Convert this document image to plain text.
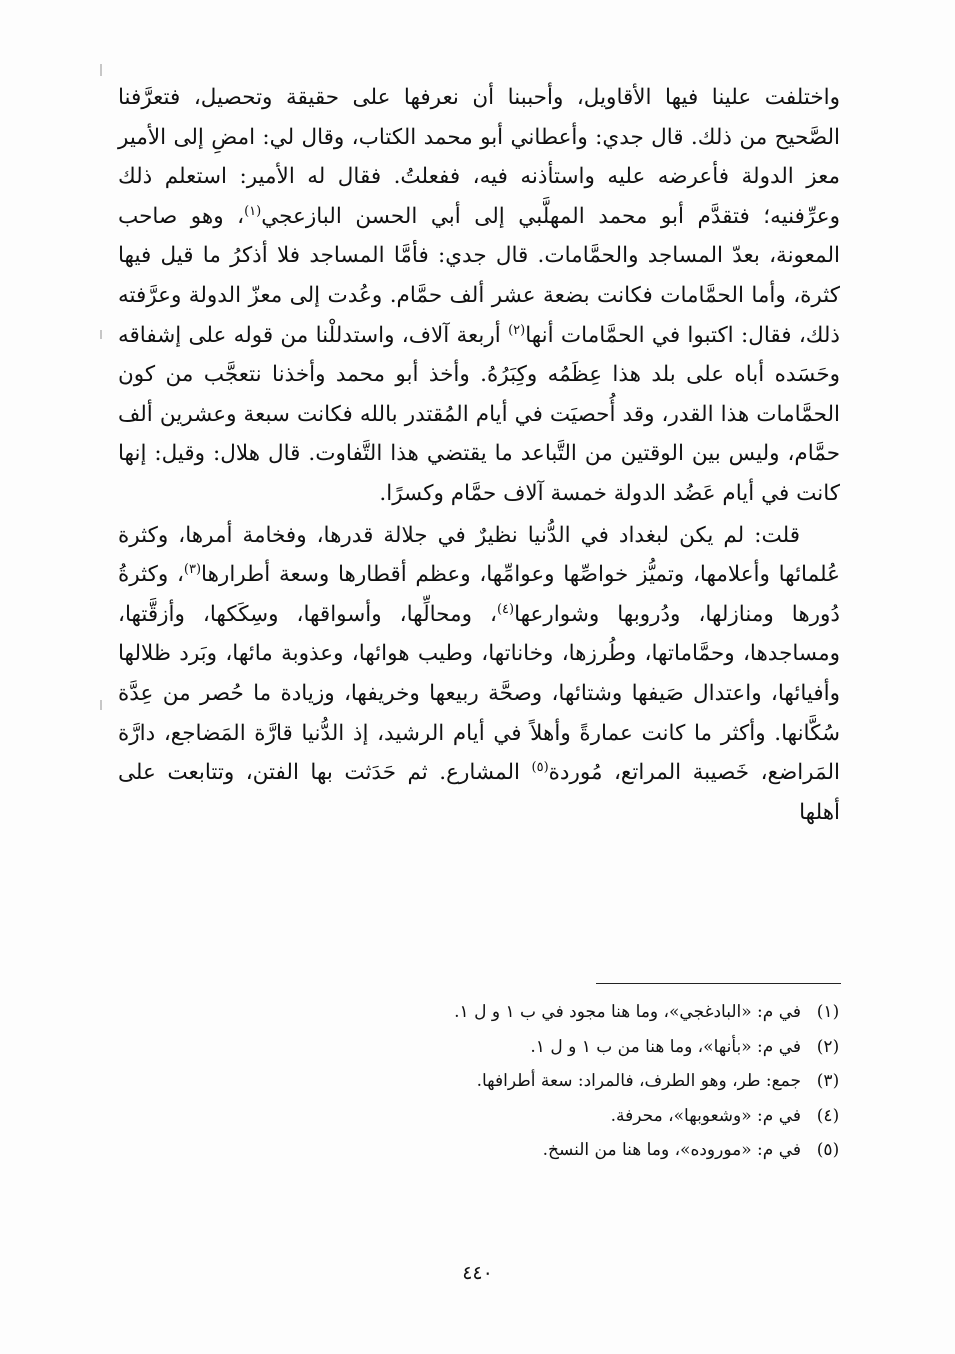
واختلفت علينا فيها الأقاويل، وأحببنا أن نعرفها على حقيقة وتحصيل، فتعرَّفنا الصَّحيح من ذلك. قال جدي: وأعطاني أبو محمد الكتاب، وقال لي: امضِ إلى الأمير معز الدولة فأعرضه عليه واستأذنه فيه، ففعلتُ. فقال له الأمير: استعلم ذلك وعرِّفنيه؛ فتقدَّم أبو محمد المهلَّبي إلى أبي الحسن البازعجي$^{(١)}$، وهو صاحب المعونة، بعدّ المساجد والحمَّامات. قال جدي: فأمَّا المساجد فلا أذكرُ ما قيل فيها كثرة، وأما الحمَّامات فكانت بضعة عشر ألف حمَّام. وعُدت إلى معزّ الدولة وعرَّفته ذلك، فقال: اكتبوا في الحمَّامات أنها$^{(٢)}$ أربعة آلاف، واستدللْنا من قوله على إشفاقه وحَسَده أباه على بلد هذا عِظَمُه وكِبَرُهُ. وأخذ أبو محمد وأخذنا نتعجَّب من كون الحمَّامات هذا القدر، وقد أُحصيَت في أيام المُقتدر بالله فكانت سبعة وعشرين ألف حمَّام، وليس بين الوقتين من التَّباعد ما يقتضي هذا التَّفاوت. قال هلال: وقيل: إنها كانت في أيام عَضُد الدولة خمسة آلاف حمَّام وكسرًا.

قلت: لم يكن لبغداد في الدُّنيا نظيرٌ في جلالة قدرها، وفخامة أمرها، وكثرة عُلمائها وأعلامها، وتميُّز خواصِّها وعوامِّها، وعظم أقطارها وسعة أطرارها$^{(٣)}$، وكثرةُ دُورها ومنازلها، ودُروبها وشوارعها$^{(٤)}$، ومحالِّها، وأسواقها، وسِكَكها، وأزقَّتها، ومساجدها، وحمَّاماتها، وطُرزها، وخاناتها، وطيب هوائها، وعذوبة مائها، وبَرد ظلالها وأفيائها، واعتدال صَيفها وشتائها، وصحَّة ربيعها وخريفها، وزيادة ما حُصر من عِدَّة سُكَّانها. وأكثر ما كانت عمارةً وأهلاً في أيام الرشيد، إذ الدُّنيا قارَّة المَضاجع، دارَّة المَراضع، خَصيبة المراتع، مُوردة$^{(٥)}$ المشارع. ثم حَدَثت بها الفتن، وتتابعت على أهلها

(١)
في م: «البادغجي»، وما هنا مجود في ب ١ و ل ١.
(٢)
في م: «بأنها»، وما هنا من ب ١ و ل ١.
(٣)
جمع: طر، وهو الطرف، فالمراد: سعة أطرافها.
(٤)
في م: «وشعوبها»، محرفة.
(٥)
في م: «موروده»، وما هنا من النسخ.
٤٤٠
